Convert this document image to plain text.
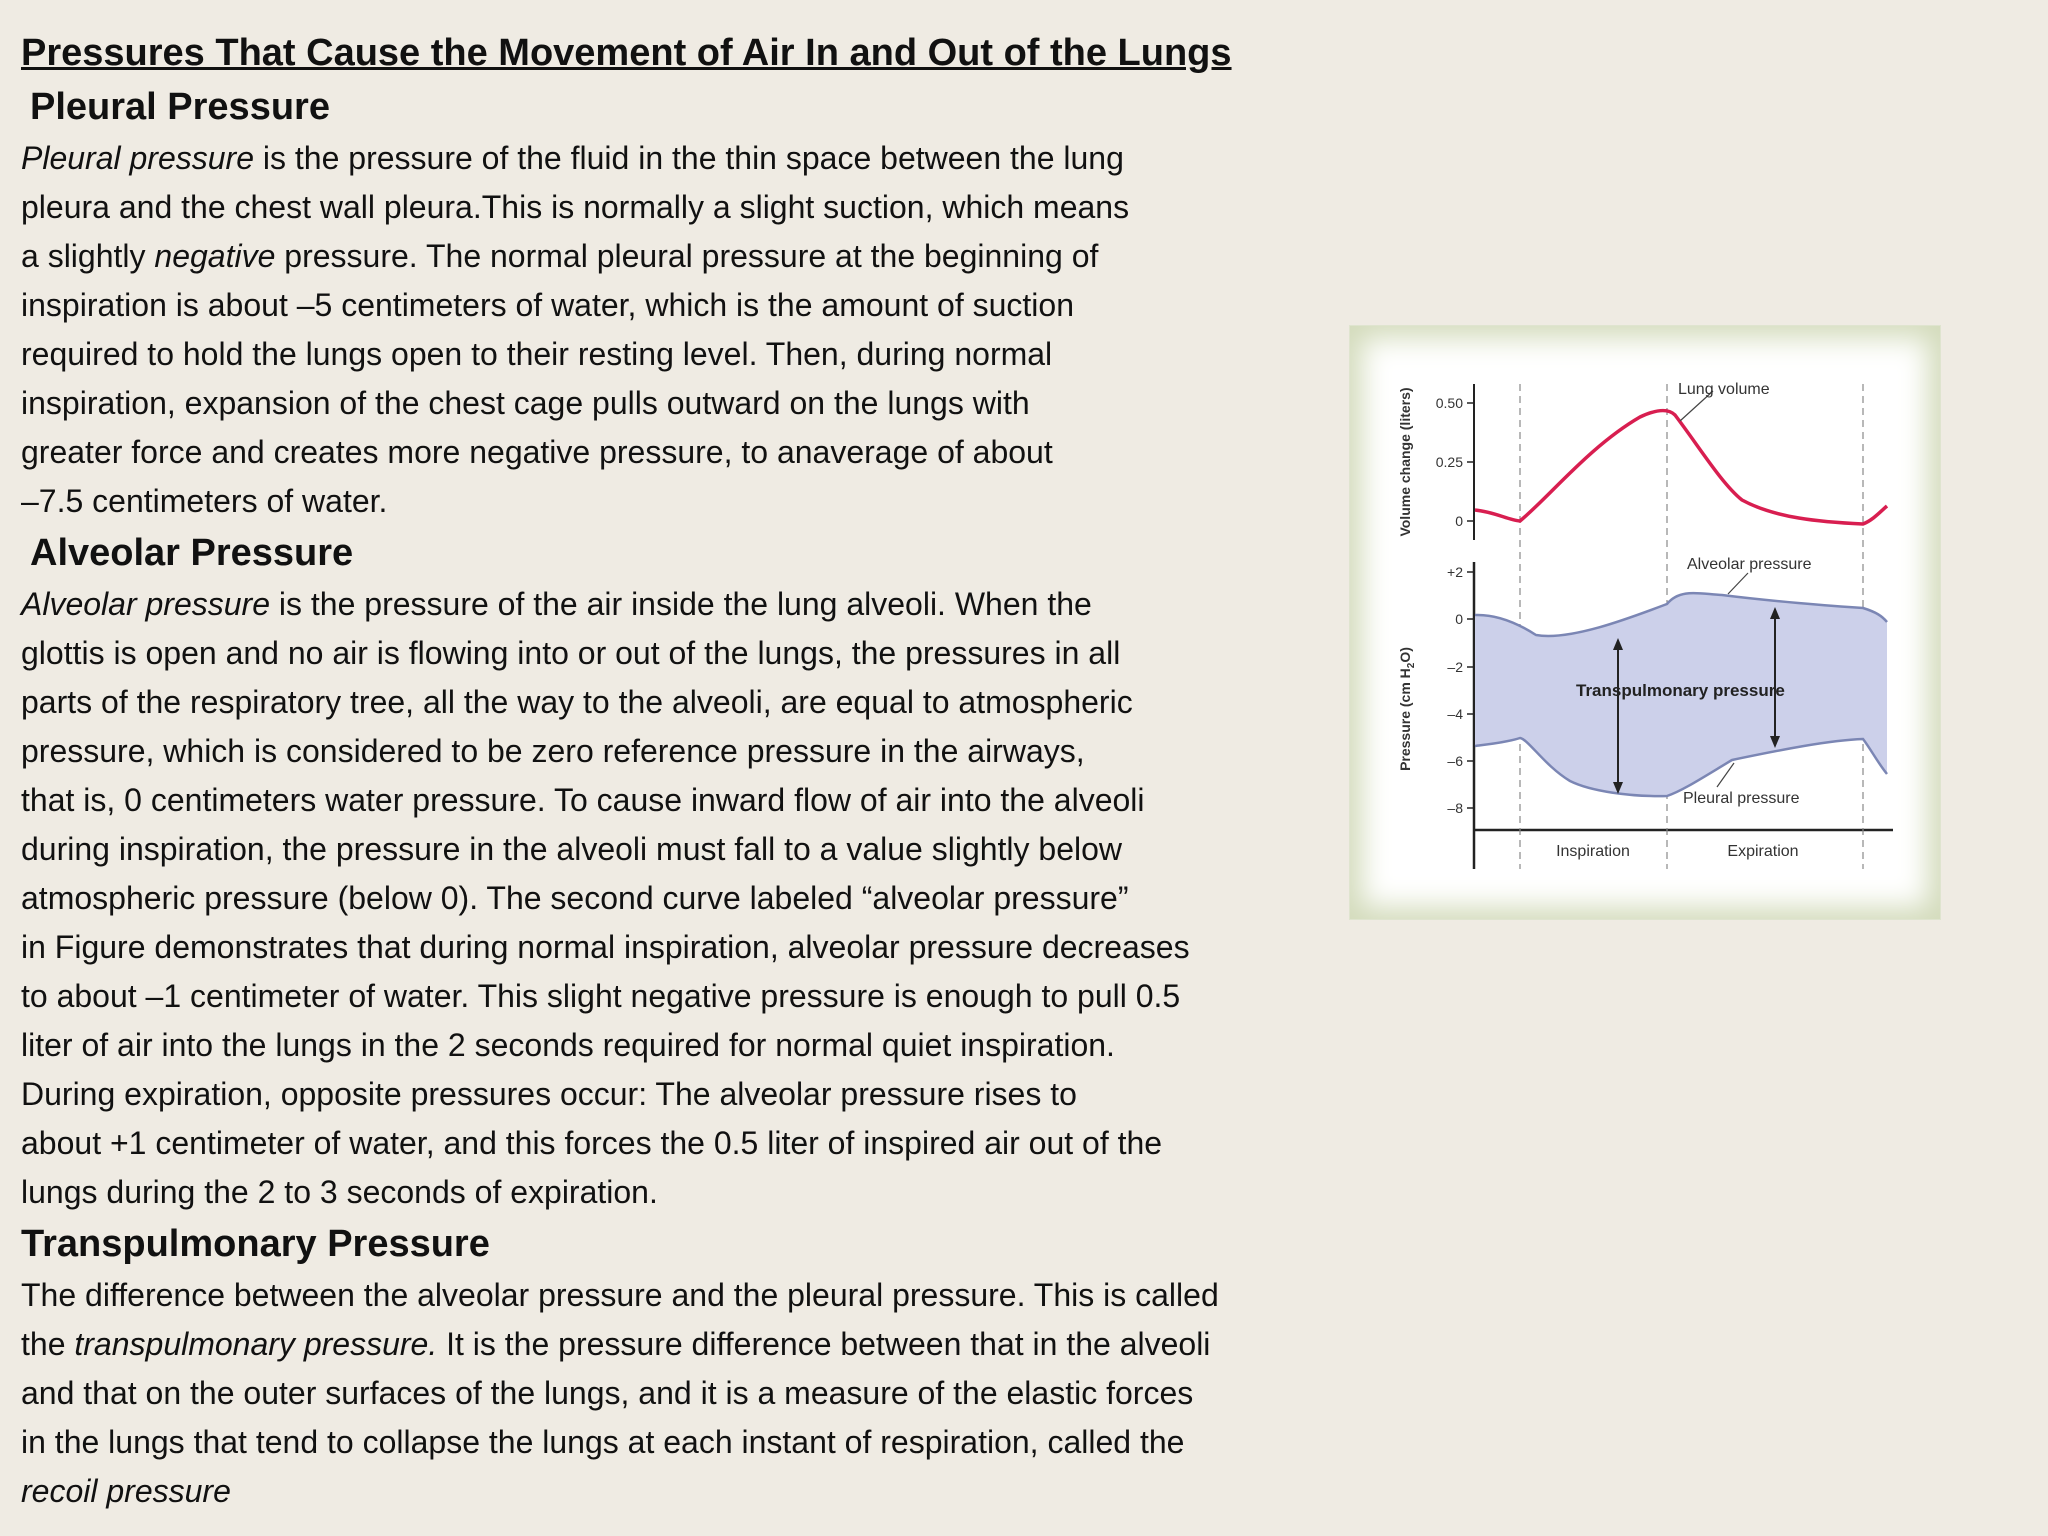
Pressures That Cause the Movement of Air In and Out of the Lungs
Pleural Pressure

Pleural pressure is the pressure of the fluid in the thin space between the lung
pleura and the chest wall pleura.This is normally a slight suction, which means
a slightly negative pressure. The normal pleural pressure at the beginning of
inspiration is about –5 centimeters of water, which is the amount of suction
required to hold the lungs open to their resting level. Then, during normal
inspiration, expansion of the chest cage pulls outward on the lungs with
greater force and creates more negative pressure, to anaverage of about
–7.5 centimeters of water.

Alveolar Pressure

Alveolar pressure is the pressure of the air inside the lung alveoli. When the
glottis is open and no air is flowing into or out of the lungs, the pressures in all
parts of the respiratory tree, all the way to the alveoli, are equal to atmospheric
pressure, which is considered to be zero reference pressure in the airways,
that is, 0 centimeters water pressure. To cause inward flow of air into the alveoli
during inspiration, the pressure in the alveoli must fall to a value slightly below
atmospheric pressure (below 0). The second curve labeled “alveolar pressure”
in Figure demonstrates that during normal inspiration, alveolar pressure decreases
to about –1 centimeter of water. This slight negative pressure is enough to pull 0.5
liter of air into the lungs in the 2 seconds required for normal quiet inspiration.
During expiration, opposite pressures occur: The alveolar pressure rises to
about +1 centimeter of water, and this forces the 0.5 liter of inspired air out of the
lungs during the 2 to 3 seconds of expiration.

Transpulmonary Pressure

The difference between the alveolar pressure and the pleural pressure. This is called
the transpulmonary pressure. It is the pressure difference between that in the alveoli
and that on the outer surfaces of the lungs, and it is a measure of the elastic forces
in the lungs that tend to collapse the lungs at each instant of respiration, called the
recoil pressure

0.50
0.25
0
+2
0
–2
–4
–6
–8
Volume change (liters)
Pressure (cm $H_2O$)
Lung volume
Alveolar pressure
Transpulmonary pressure
Pleural pressure
Inspiration	Expiration
